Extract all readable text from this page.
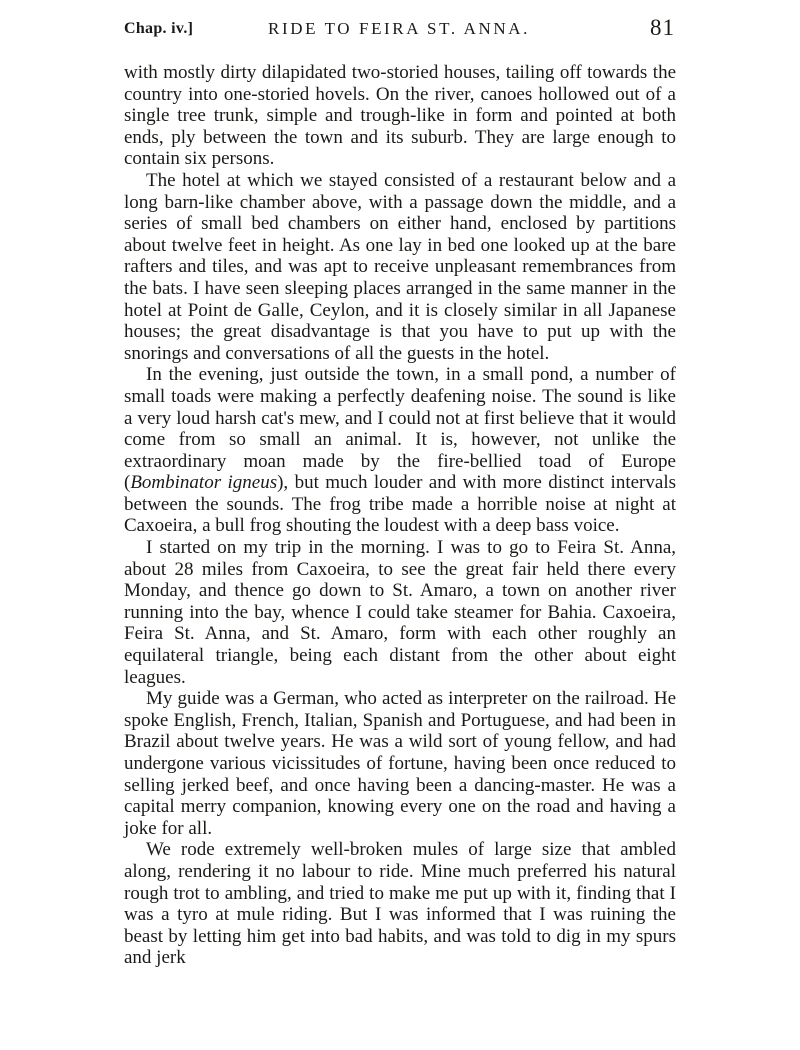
Chap. iv.]	RIDE TO FEIRA ST. ANNA.	81

with mostly dirty dilapidated two-storied houses, tailing off towards the country into one-storied hovels. On the river, canoes hollowed out of a single tree trunk, simple and trough-like in form and pointed at both ends, ply between the town and its suburb. They are large enough to contain six persons.

The hotel at which we stayed consisted of a restaurant below and a long barn-like chamber above, with a passage down the middle, and a series of small bed chambers on either hand, enclosed by partitions about twelve feet in height. As one lay in bed one looked up at the bare rafters and tiles, and was apt to receive unpleasant remembrances from the bats. I have seen sleeping places arranged in the same manner in the hotel at Point de Galle, Ceylon, and it is closely similar in all Japanese houses; the great disadvantage is that you have to put up with the snorings and conversations of all the guests in the hotel.

In the evening, just outside the town, in a small pond, a number of small toads were making a perfectly deafening noise. The sound is like a very loud harsh cat's mew, and I could not at first believe that it would come from so small an animal. It is, however, not unlike the extraordinary moan made by the fire-bellied toad of Europe (Bombinator igneus), but much louder and with more distinct intervals between the sounds. The frog tribe made a horrible noise at night at Caxoeira, a bull frog shouting the loudest with a deep bass voice.

I started on my trip in the morning. I was to go to Feira St. Anna, about 28 miles from Caxoeira, to see the great fair held there every Monday, and thence go down to St. Amaro, a town on another river running into the bay, whence I could take steamer for Bahia. Caxoeira, Feira St. Anna, and St. Amaro, form with each other roughly an equilateral triangle, being each distant from the other about eight leagues.

My guide was a German, who acted as interpreter on the railroad. He spoke English, French, Italian, Spanish and Portuguese, and had been in Brazil about twelve years. He was a wild sort of young fellow, and had undergone various vicissitudes of fortune, having been once reduced to selling jerked beef, and once having been a dancing-master. He was a capital merry companion, knowing every one on the road and having a joke for all.

We rode extremely well-broken mules of large size that ambled along, rendering it no labour to ride. Mine much preferred his natural rough trot to ambling, and tried to make me put up with it, finding that I was a tyro at mule riding. But I was informed that I was ruining the beast by letting him get into bad habits, and was told to dig in my spurs and jerk
